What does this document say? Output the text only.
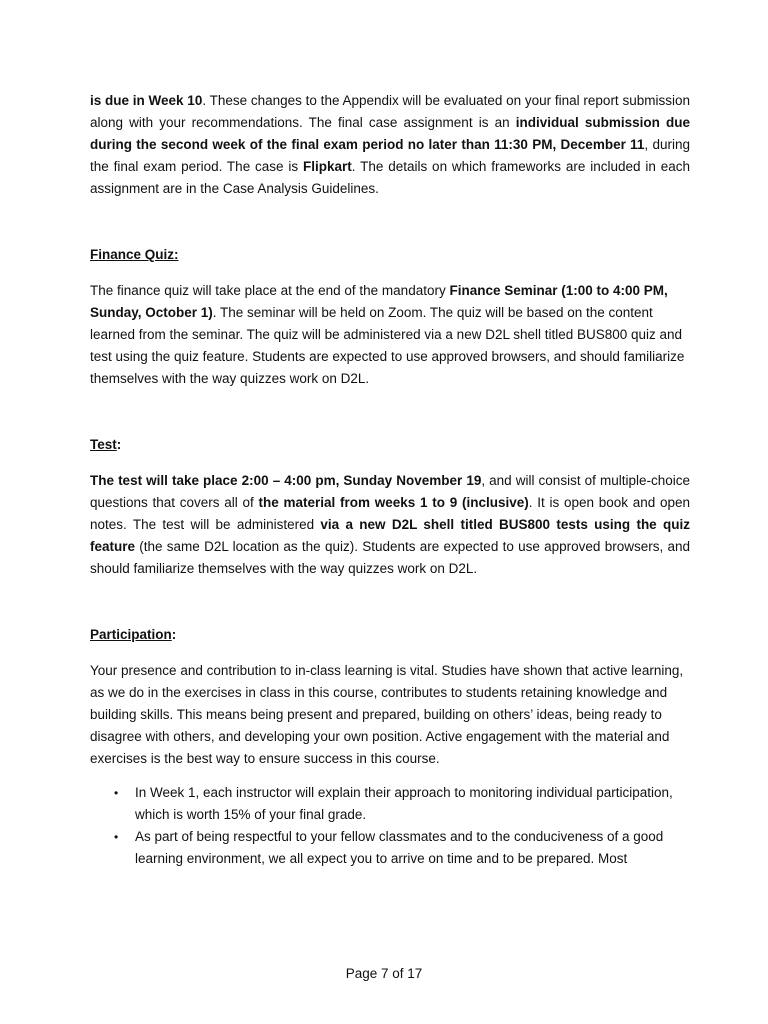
is due in Week 10. These changes to the Appendix will be evaluated on your final report submission along with your recommendations. The final case assignment is an individual submission due during the second week of the final exam period no later than 11:30 PM, December 11, during the final exam period. The case is Flipkart. The details on which frameworks are included in each assignment are in the Case Analysis Guidelines.

Finance Quiz:

The finance quiz will take place at the end of the mandatory Finance Seminar (1:00 to 4:00 PM, Sunday, October 1). The seminar will be held on Zoom. The quiz will be based on the content learned from the seminar. The quiz will be administered via a new D2L shell titled BUS800 quiz and test using the quiz feature. Students are expected to use approved browsers, and should familiarize themselves with the way quizzes work on D2L.

Test:

The test will take place 2:00 – 4:00 pm, Sunday November 19, and will consist of multiple-choice questions that covers all of the material from weeks 1 to 9 (inclusive). It is open book and open notes. The test will be administered via a new D2L shell titled BUS800 tests using the quiz feature (the same D2L location as the quiz). Students are expected to use approved browsers, and should familiarize themselves with the way quizzes work on D2L.

Participation:

Your presence and contribution to in-class learning is vital. Studies have shown that active learning, as we do in the exercises in class in this course, contributes to students retaining knowledge and building skills. This means being present and prepared, building on others’ ideas, being ready to disagree with others, and developing your own position. Active engagement with the material and exercises is the best way to ensure success in this course.

• In Week 1, each instructor will explain their approach to monitoring individual participation, which is worth 15% of your final grade.
• As part of being respectful to your fellow classmates and to the conduciveness of a good learning environment, we all expect you to arrive on time and to be prepared. Most
Page 7 of 17
